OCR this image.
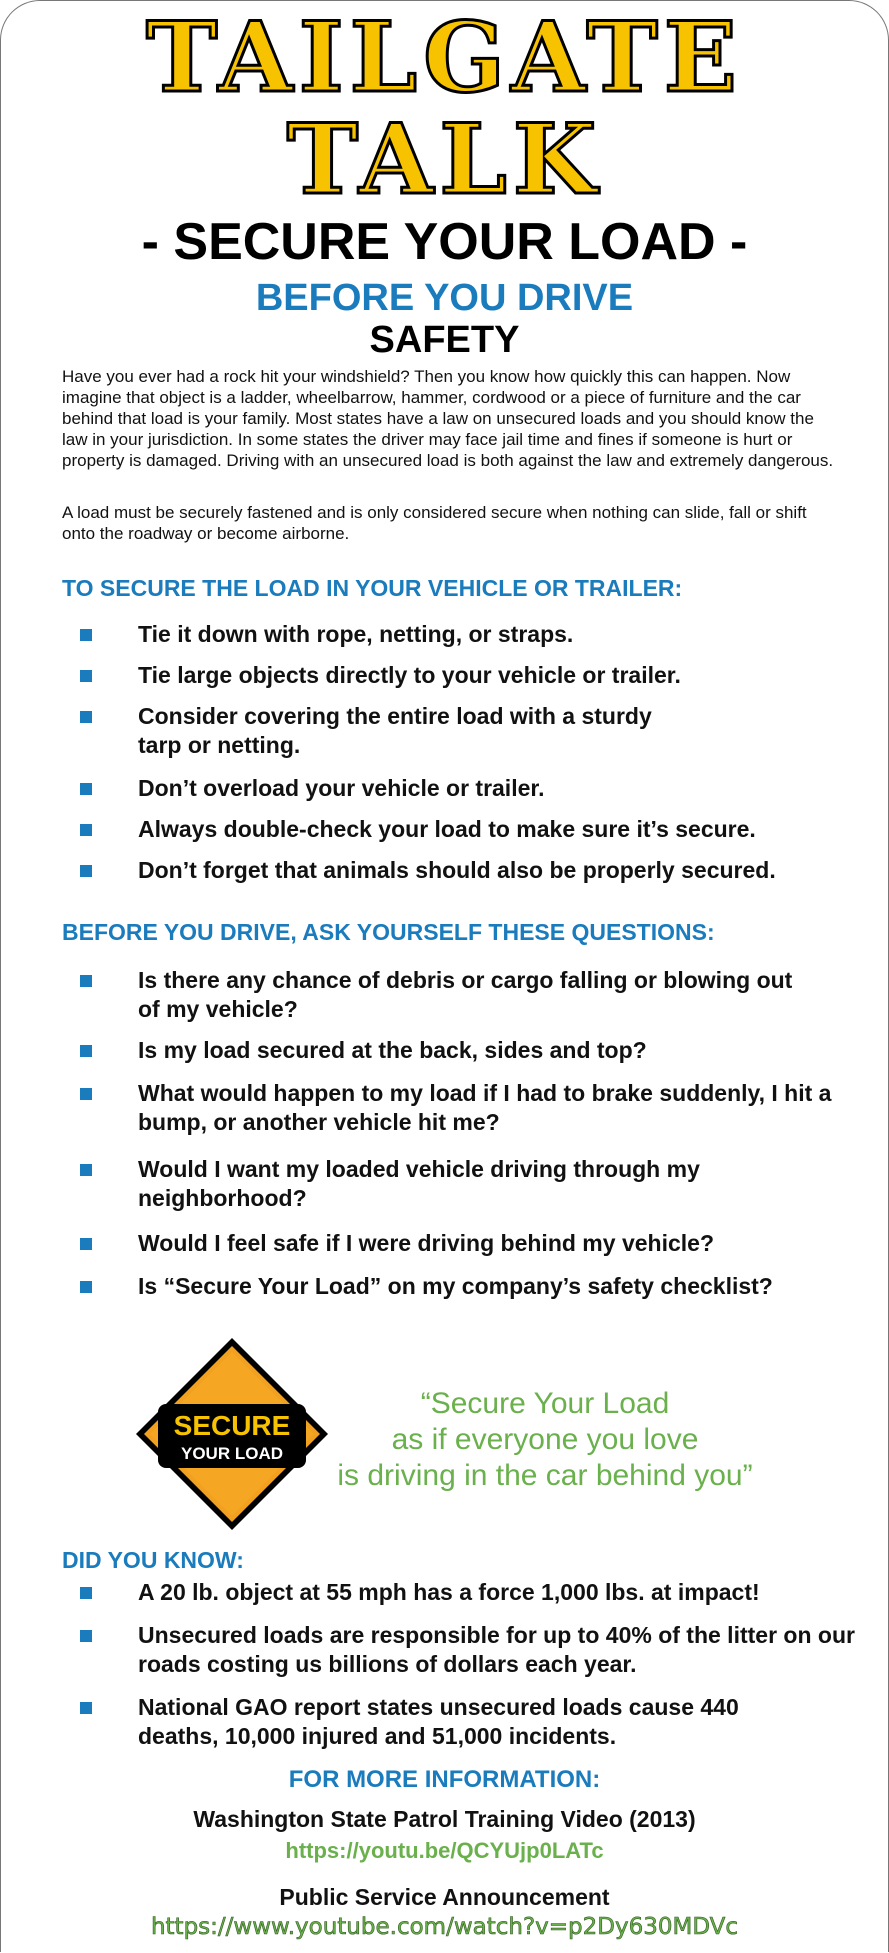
TAILGATE
TALK
- SECURE YOUR LOAD -
BEFORE YOU DRIVE
SAFETY
Have you ever had a rock hit your windshield? Then you know how quickly this can happen. Now imagine that object is a ladder, wheelbarrow, hammer, cordwood or a piece of furniture and the car behind that load is your family. Most states have a law on unsecured loads and you should know the law in your jurisdiction. In some states the driver may face jail time and fines if someone is hurt or property is damaged. Driving with an unsecured load is both against the law and extremely dangerous.
A load must be securely fastened and is only considered secure when nothing can slide, fall or shift onto the roadway or become airborne.
TO SECURE THE LOAD IN YOUR VEHICLE OR TRAILER:
Tie it down with rope, netting, or straps.
Tie large objects directly to your vehicle or trailer.
Consider covering the entire load with a sturdy tarp or netting.
Don’t overload your vehicle or trailer.
Always double-check your load to make sure it’s secure.
Don’t forget that animals should also be properly secured.
BEFORE YOU DRIVE, ASK YOURSELF THESE QUESTIONS:
Is there any chance of debris or cargo falling or blowing out of my vehicle?
Is my load secured at the back, sides and top?
What would happen to my load if I had to brake suddenly, I hit a bump, or another vehicle hit me?
Would I want my loaded vehicle driving through my neighborhood?
Would I feel safe if I were driving behind my vehicle?
Is “Secure Your Load” on my company’s safety checklist?
SECURE
YOUR LOAD
“Secure Your Load
as if everyone you love
is driving in the car behind you”
DID YOU KNOW:
A 20 lb. object at 55 mph has a force 1,000 lbs. at impact!
Unsecured loads are responsible for up to 40% of the litter on our roads costing us billions of dollars each year.
National GAO report states unsecured loads cause 440 deaths, 10,000 injured and 51,000 incidents.
FOR MORE INFORMATION:
Washington State Patrol Training Video (2013)
https://youtu.be/QCYUjp0LATc
Public Service Announcement
https://www.youtube.com/watch?v=p2Dy630MDVc
